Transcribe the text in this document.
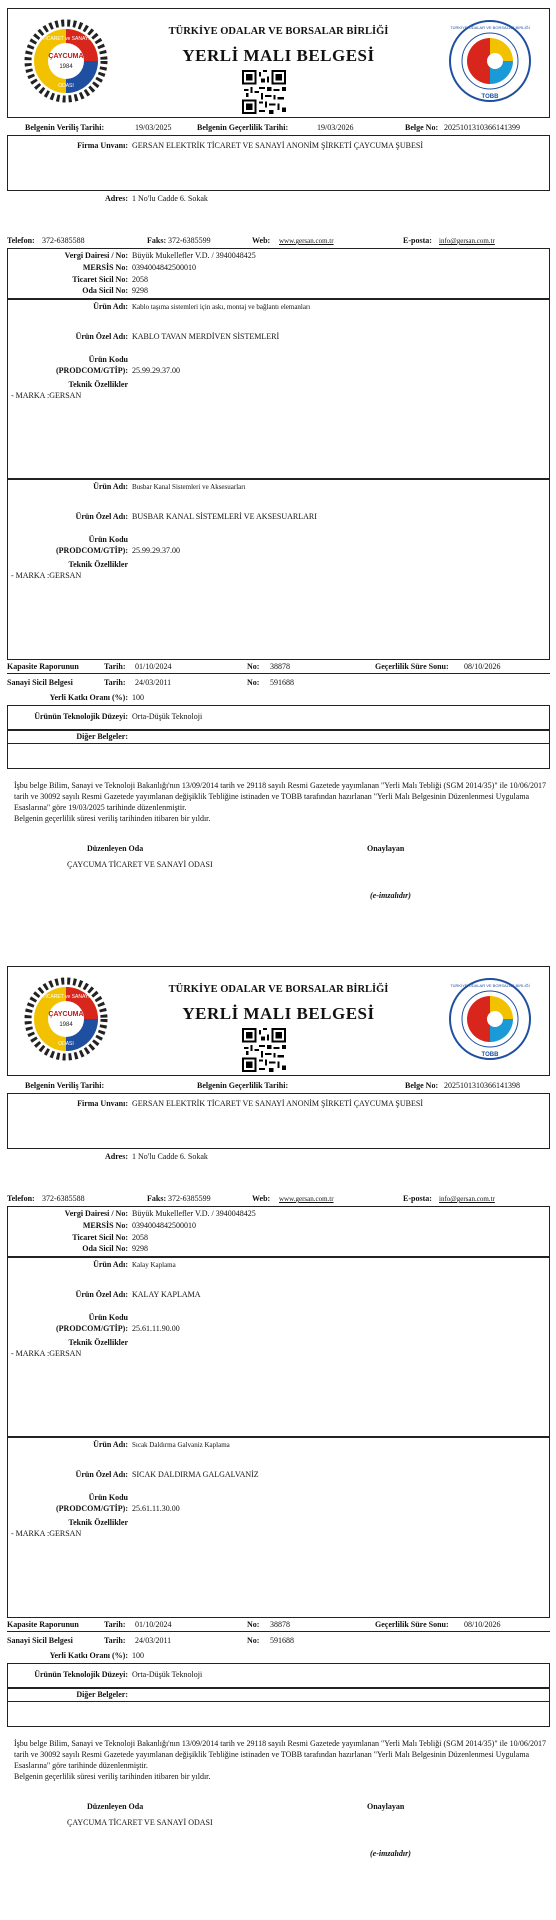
ÇAYCUMA
1984
TİCARET ve SANAYİ
ODASI
TÜRKİYE ODALAR VE BORSALAR BİRLİĞİ
YERLİ MALI BELGESİ
TOBB
TÜRKİYE ODALAR VE BORSALAR BİRLİĞİ
Belgenin Veriliş Tarihi:	19/03/2025	Belgenin Geçerlilik Tarihi:	19/03/2026	Belge No: 2025101310366141399
Firma Unvanı: GERSAN ELEKTRİK TİCARET VE SANAYİ ANONİM ŞİRKETİ ÇAYCUMA ŞUBESİ
Adres: 1 No'lu Cadde 6. Sokak
Telefon: 372-6385588	Faks: 372-6385599	Web: www.gersan.com.tr	E-posta: info@gersan.com.tr
Vergi Dairesi / No: Büyük Mukellefler V.D. / 3940048425
MERSİS No: 0394004842500010
Ticaret Sicil No: 2058
Oda Sicil No: 9298
Ürün Adı: Kablo taşıma sistemleri için askı, montaj ve bağlantı elemanları
Ürün Özel Adı: KABLO TAVAN MERDİVEN SİSTEMLERİ
Ürün Kodu
(PRODCOM/GTİP): 25.99.29.37.00
Teknik Özellikler
- MARKA :GERSAN
Ürün Adı: Busbar Kanal Sistemleri ve Aksesuarları
Ürün Özel Adı: BUSBAR KANAL SİSTEMLERİ VE AKSESUARLARI
Ürün Kodu
(PRODCOM/GTİP): 25.99.29.37.00
Teknik Özellikler
- MARKA :GERSAN
Kapasite Raporunun	Tarih: 01/10/2024	No: 38878	Geçerlilik Süre Sonu: 08/10/2026
Sanayi Sicil Belgesi	Tarih: 24/03/2011	No: 591688
Yerli Katkı Oranı (%): 100
Ürünün Teknolojik Düzeyi: Orta-Düşük Teknoloji
Diğer Belgeler:
İşbu belge Bilim, Sanayi ve Teknoloji Bakanlığı'nın 13/09/2014 tarih ve 29118 sayılı Resmi Gazetede yayımlanan "Yerli Malı Tebliği (SGM 2014/35)" ile 10/06/2017 tarih ve 30092 sayılı Resmi Gazetede yayımlanan değişiklik Tebliğine istinaden ve TOBB tarafından hazırlanan "Yerli Malı Belgesinin Düzenlenmesi Uygulama Esaslarına" göre 19/03/2025 tarihinde düzenlenmiştir.
Belgenin geçerlilik süresi veriliş tarihinden itibaren bir yıldır.
Düzenleyen Oda	Onaylayan
ÇAYCUMA TİCARET VE SANAYİ ODASI
(e-imzalıdır)
ÇAYCUMA
1984
TİCARET ve SANAYİ
ODASI
TÜRKİYE ODALAR VE BORSALAR BİRLİĞİ
YERLİ MALI BELGESİ
TOBB
TÜRKİYE ODALAR VE BORSALAR BİRLİĞİ
Belgenin Veriliş Tarihi:	Belgenin Geçerlilik Tarihi:	Belge No: 2025101310366141398
Firma Unvanı: GERSAN ELEKTRİK TİCARET VE SANAYİ ANONİM ŞİRKETİ ÇAYCUMA ŞUBESİ
Adres: 1 No'lu Cadde 6. Sokak
Telefon: 372-6385588	Faks: 372-6385599	Web: www.gersan.com.tr	E-posta: info@gersan.com.tr
Vergi Dairesi / No: Büyük Mukellefler V.D. / 3940048425
MERSİS No: 0394004842500010
Ticaret Sicil No: 2058
Oda Sicil No: 9298
Ürün Adı: Kalay Kaplama
Ürün Özel Adı: KALAY KAPLAMA
Ürün Kodu
(PRODCOM/GTİP): 25.61.11.90.00
Teknik Özellikler
- MARKA :GERSAN
Ürün Adı: Sıcak Daldırma Galvaniz Kaplama
Ürün Özel Adı: SICAK DALDIRMA GALGALVANİZ
Ürün Kodu
(PRODCOM/GTİP): 25.61.11.30.00
Teknik Özellikler
- MARKA :GERSAN
Kapasite Raporunun	Tarih: 01/10/2024	No: 38878	Geçerlilik Süre Sonu: 08/10/2026
Sanayi Sicil Belgesi	Tarih: 24/03/2011	No: 591688
Yerli Katkı Oranı (%): 100
Ürünün Teknolojik Düzeyi: Orta-Düşük Teknoloji
Diğer Belgeler:
İşbu belge Bilim, Sanayi ve Teknoloji Bakanlığı'nın 13/09/2014 tarih ve 29118 sayılı Resmi Gazetede yayımlanan "Yerli Malı Tebliği (SGM 2014/35)" ile 10/06/2017 tarih ve 30092 sayılı Resmi Gazetede yayımlanan değişiklik Tebliğine istinaden ve TOBB tarafından hazırlanan "Yerli Malı Belgesinin Düzenlenmesi Uygulama Esaslarına" göre tarihinde düzenlenmiştir.
Belgenin geçerlilik süresi veriliş tarihinden itibaren bir yıldır.
Düzenleyen Oda	Onaylayan
ÇAYCUMA TİCARET VE SANAYİ ODASI
(e-imzalıdır)
